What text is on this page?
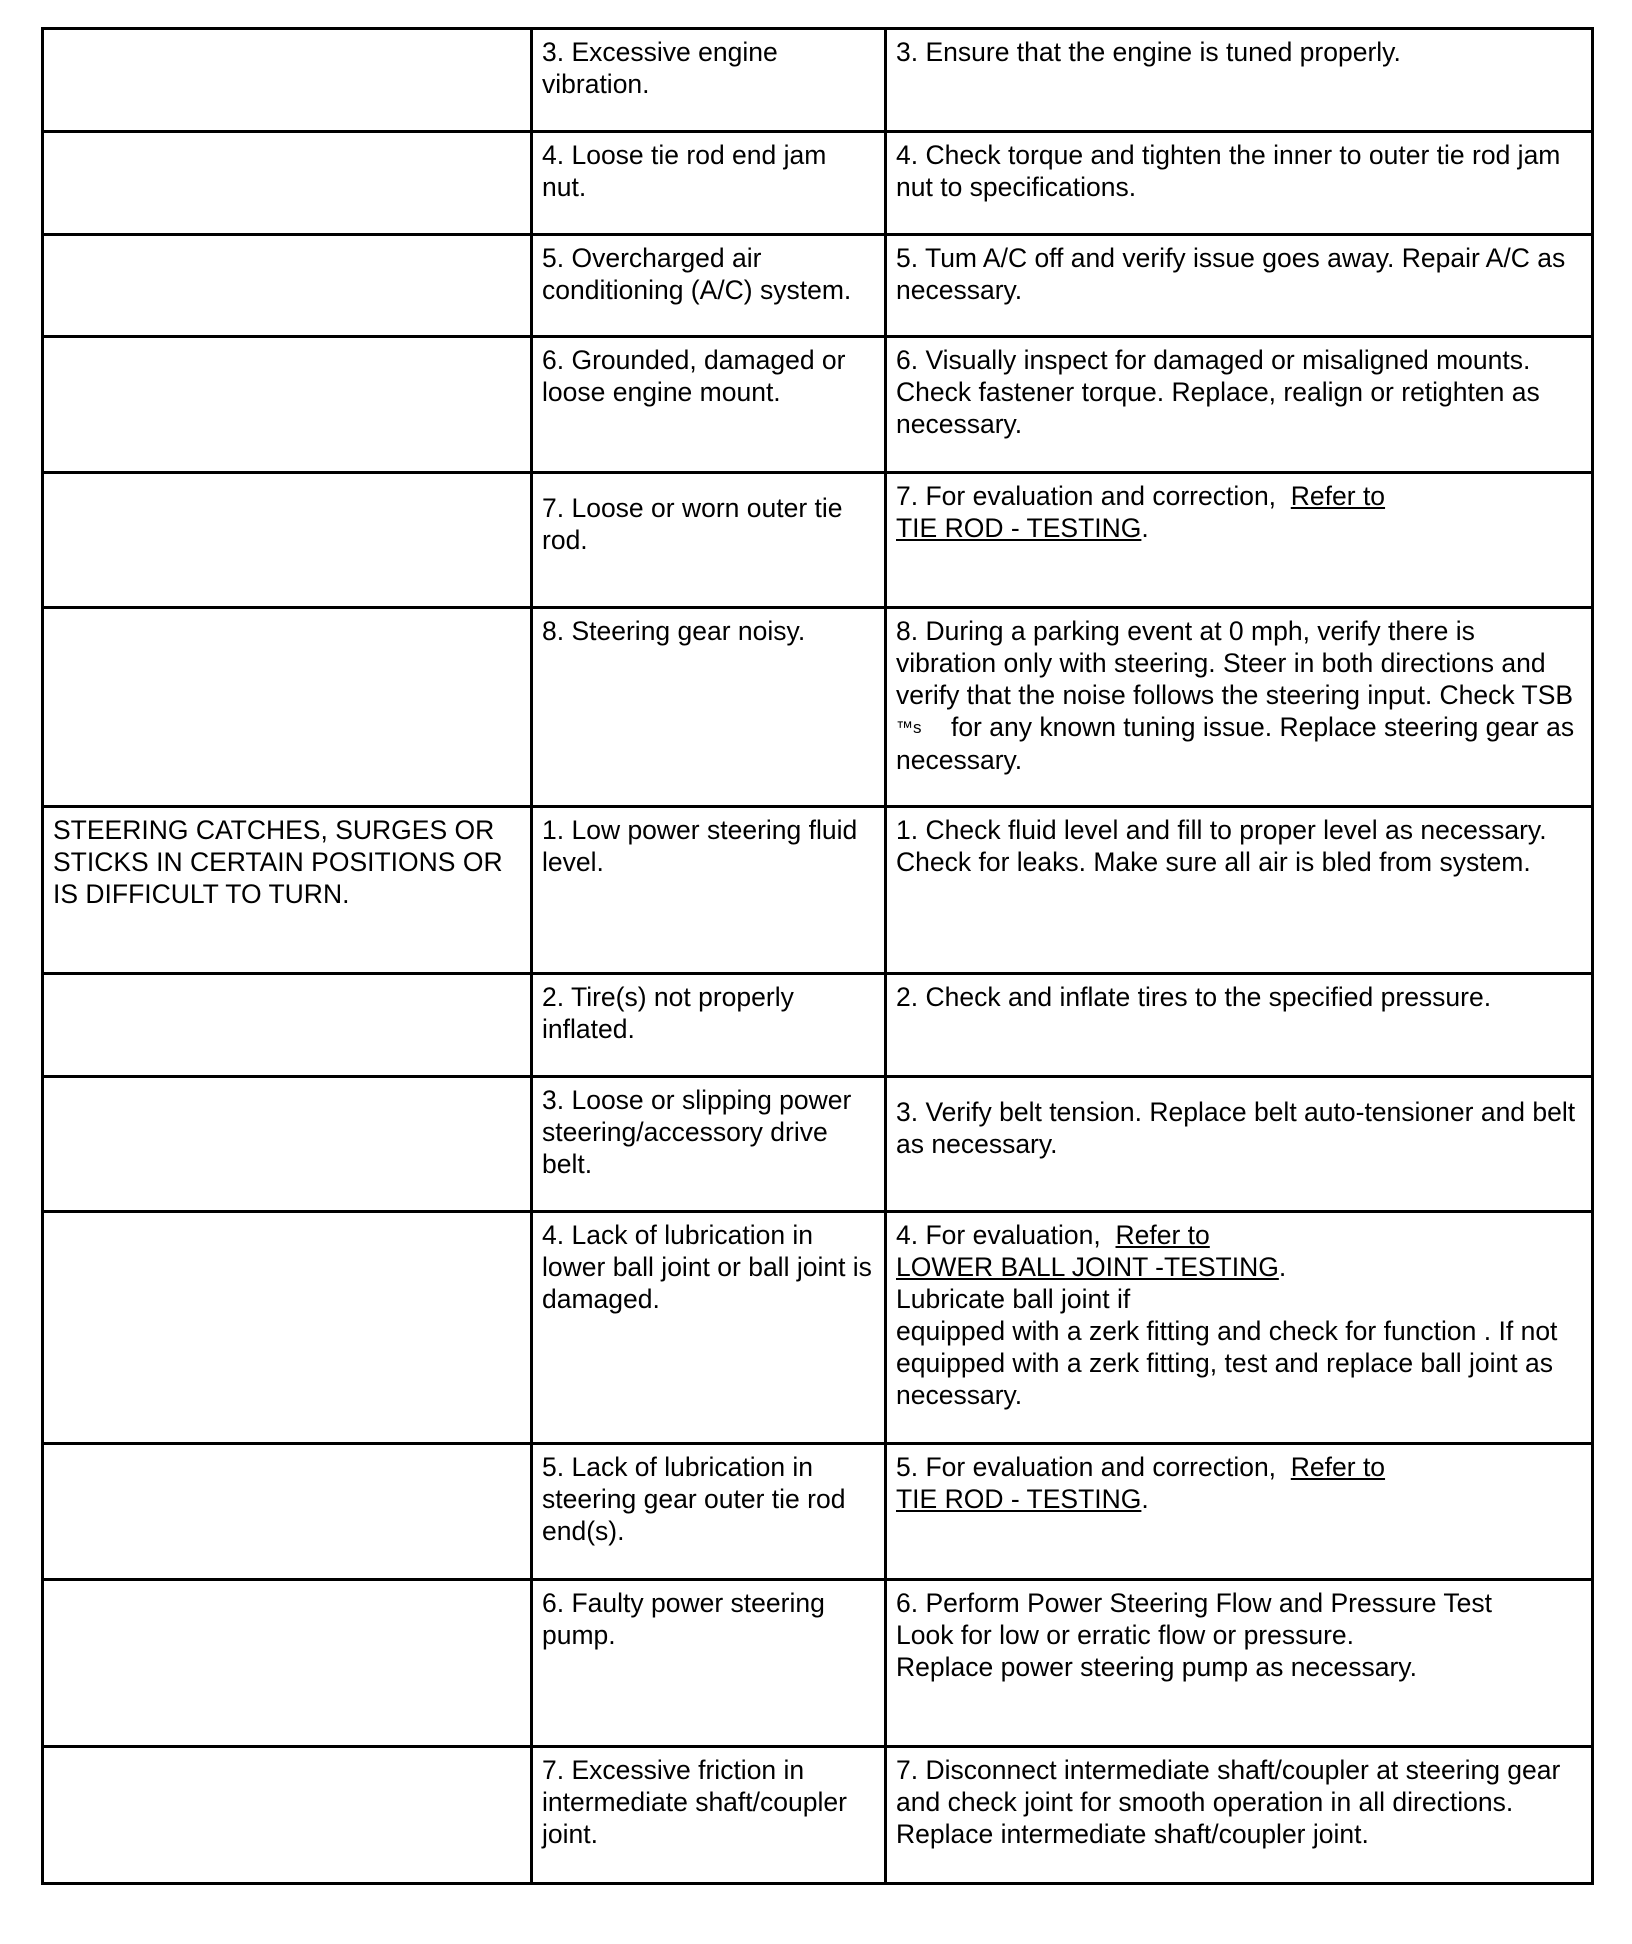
	3. Excessive engine vibration.	3. Ensure that the engine is tuned properly.
	4. Loose tie rod end jam nut.	4. Check torque and tighten the inner to outer tie rod jam nut to specifications.
	5. Overcharged air conditioning (A/C) system.	5. Tum A/C off and verify issue goes away. Repair A/C as necessary.
	6. Grounded, damaged or loose engine mount.	6. Visually inspect for damaged or misaligned mounts. Check fastener torque. Replace, realign or retighten as necessary.
	7. Loose or worn outer tie rod.	7. For evaluation and correction, Refer to
TIE ROD - TESTING.

	8. Steering gear noisy.	8. During a parking event at 0 mph, verify there is vibration only with steering. Steer in both directions and verify that the noise follows the steering input. Check TSB ™s for any known tuning issue. Replace steering gear as necessary.
STEERING CATCHES, SURGES OR STICKS IN CERTAIN POSITIONS OR IS DIFFICULT TO TURN.	1. Low power steering fluid level.	1. Check fluid level and fill to proper level as necessary. Check for leaks. Make sure all air is bled from system.
	2. Tire(s) not properly inflated.	2. Check and inflate tires to the specified pressure.
	3. Loose or slipping power steering/accessory drive belt.	3. Verify belt tension. Replace belt auto-tensioner and belt as necessary.
	4. Lack of lubrication in lower ball joint or ball joint is damaged.	4. For evaluation, Refer to
LOWER BALL JOINT -TESTING.
Lubricate ball joint if
equipped with a zerk fitting and check for function . If not equipped with a zerk fitting, test and replace ball joint as necessary.

	5. Lack of lubrication in steering gear outer tie rod end(s).	5. For evaluation and correction, Refer to
TIE ROD - TESTING.

	6. Faulty power steering pump.	6. Perform Power Steering Flow and Pressure Test
Look for low or erratic flow or pressure.
Replace power steering pump as necessary.

	7. Excessive friction in intermediate shaft/coupler joint.	7. Disconnect intermediate shaft/coupler at steering gear and check joint for smooth operation in all directions. Replace intermediate shaft/coupler joint.
